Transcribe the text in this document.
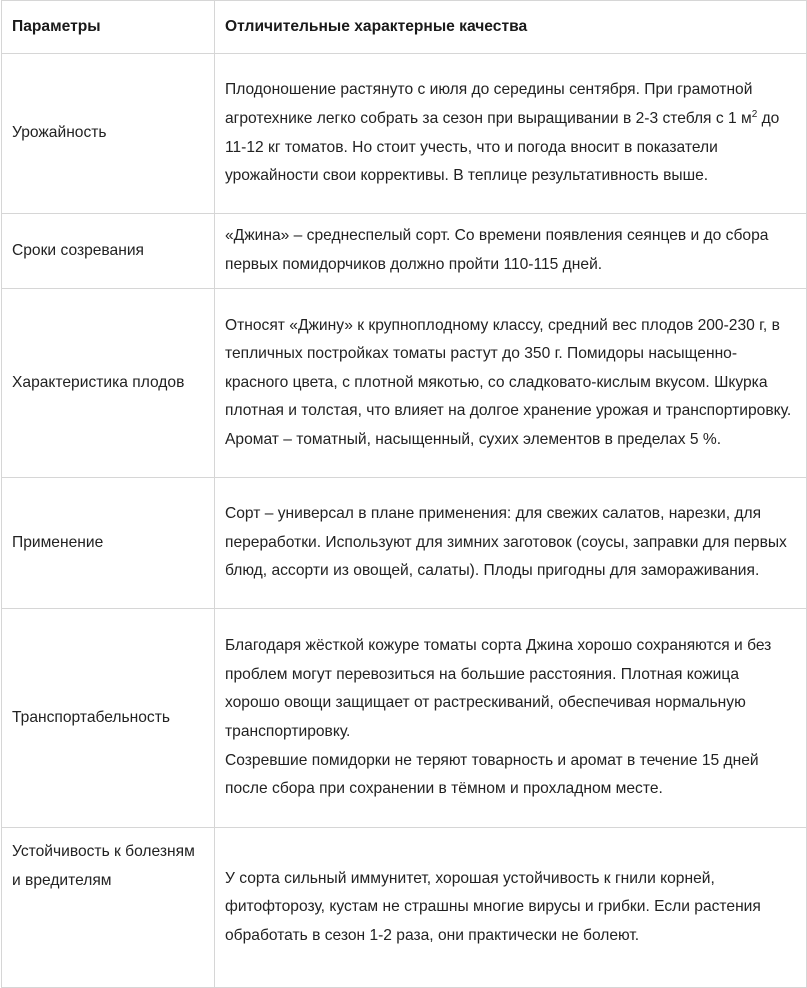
Параметры	Отличительные характерные качества
Урожайность	Плодоношение растянуто с июля до середины сентября. При грамотной агротехнике легко собрать за сезон при выращивании в 2-3 стебля с 1 $м^2$ до 11-12 кг томатов. Но стоит учесть, что и погода вносит в показатели урожайности свои коррективы. В теплице результативность выше.
Сроки созревания	«Джина» – среднеспелый сорт. Со времени появления сеянцев и до сбора первых помидорчиков должно пройти 110-115 дней.
Характеристика плодов	Относят «Джину» к крупноплодному классу, средний вес плодов 200-230 г, в тепличных постройках томаты растут до 350 г. Помидоры насыщенно-красного цвета, с плотной мякотью, со сладковато-кислым вкусом. Шкурка плотная и толстая, что влияет на долгое хранение урожая и транспортировку. Аромат – томатный, насыщенный, сухих элементов в пределах 5 %.
Применение	Сорт – универсал в плане применения: для свежих салатов, нарезки, для переработки. Используют для зимних заготовок (соусы, заправки для первых блюд, ассорти из овощей, салаты). Плоды пригодны для замораживания.
Транспортабельность	Благодаря жёсткой кожуре томаты сорта Джина хорошо сохраняются и без проблем могут перевозиться на большие расстояния. Плотная кожица хорошо овощи защищает от растрескиваний, обеспечивая нормальную транспортировку.
Созревшие помидорки не теряют товарность и аромат в течение 15 дней после сбора при сохранении в тёмном и прохладном месте.

Устойчивость к болезням и вредителям	У сорта сильный иммунитет, хорошая устойчивость к гнили корней, фитофторозу, кустам не страшны многие вирусы и грибки. Если растения обработать в сезон 1-2 раза, они практически не болеют.
